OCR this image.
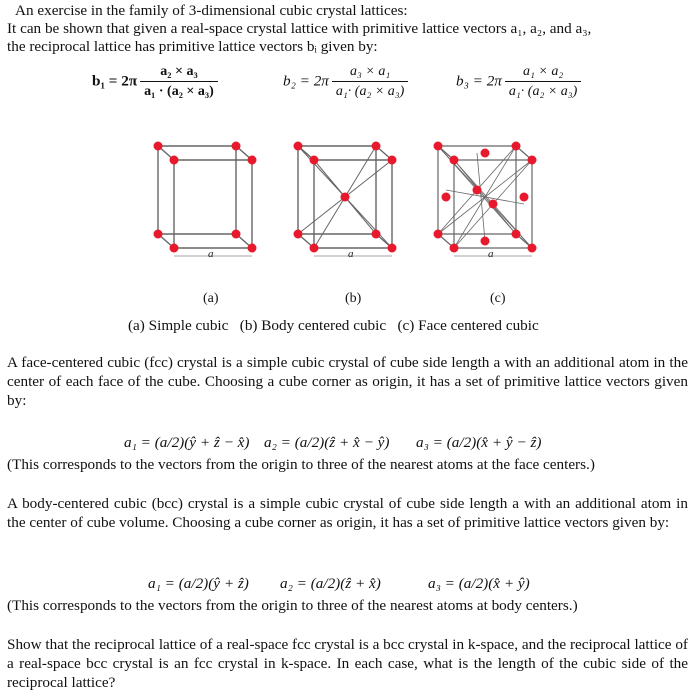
An exercise in the family of 3-dimensional cubic crystal lattices:
It can be shown that given a real-space crystal lattice with primitive lattice vectors a₁, a₂, and a₃,
the reciprocal lattice has primitive lattice vectors bᵢ given by:
$b_1 = 2\pi \frac{\text{a₂ × a₃}}{\text{a₁ · (a₂ × a₃)}}$	$b_2 = 2\pi \frac{\text{a₃ × a₁}}{\text{a₁· (a₂ × a₃)}}$	$b_3 = 2\pi \frac{\text{a₁ × a₂}}{\text{a₁· (a₂ × a₃)}}$
a	a	a
(a)	(b)	(c)
(a) Simple cubic   (b) Body centered cubic   (c) Face centered cubic
A face-centered cubic (fcc) crystal is a simple cubic crystal of cube side length a with an additional atom in the center of each face of the cube. Choosing a cube corner as origin, it has a set of primitive lattice vectors given by:
a₁ = (a/2)(ŷ + ẑ − x̂) a₂ = (a/2)(ẑ + x̂ − ŷ) a₃ = (a/2)(x̂ + ŷ − ẑ)
(This corresponds to the vectors from the origin to three of the nearest atoms at the face centers.)
A body-centered cubic (bcc) crystal is a simple cubic crystal of cube side length a with an additional atom in the center of cube volume. Choosing a cube corner as origin, it has a set of primitive lattice vectors given by:
a₁ = (a/2)(ŷ + ẑ) a₂ = (a/2)(ẑ + x̂)	a₃ = (a/2)(x̂ + ŷ)
(This corresponds to the vectors from the origin to three of the nearest atoms at body centers.)
Show that the reciprocal lattice of a real-space fcc crystal is a bcc crystal in k-space, and the reciprocal lattice of a real-space bcc crystal is an fcc crystal in k-space. In each case, what is the length of the cubic side of the reciprocal lattice?
